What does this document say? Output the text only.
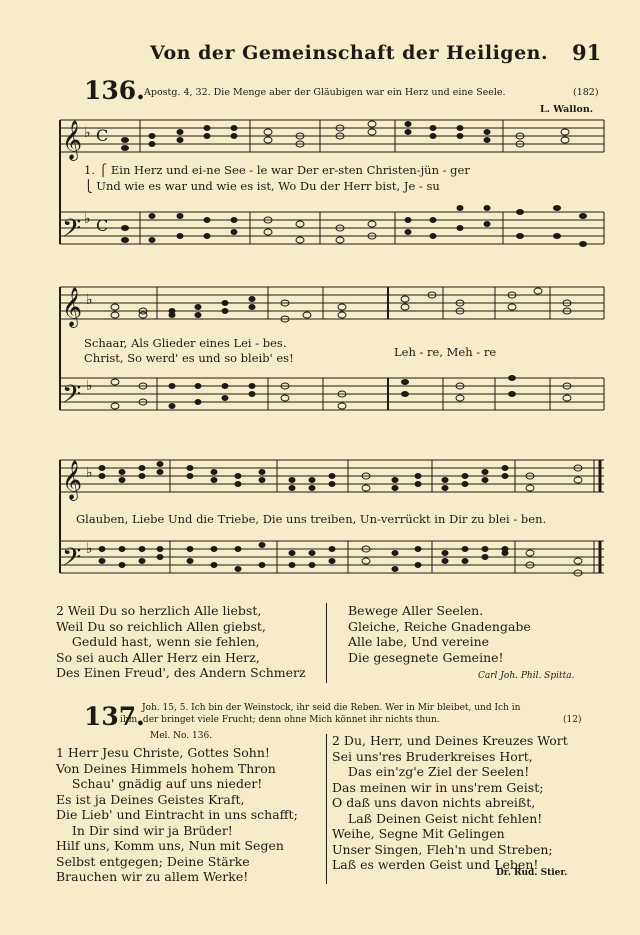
Von der Gemeinschaft der Heiligen. 91
136. Apostg. 4, 32. Die Menge aber der Gläubigen war ein Herz und eine Seele.	(182)
L. Wallon.
𝄞
𝄢
♭ C
♭ C
1. ⎧ Ein Herz und ei-ne Seе - le war Der er-sten Christen-jün - ger
⎩ Und wie es war und wie es ist, Wo Du der Herr bist, Je - su
𝄞
𝄢
♭
♭
Schaar, Als Glieder eines Lei - bes.
Christ, So werd' es und so bleib' es!	Leh - re, Meh - re
𝄞
𝄢
♭
♭
Glauben, Liebe Und die Triebe, Die uns treiben, Un-verrückt in Dir zu blei - ben.
2 Weil Du so herzlich Alle liebst,
Weil Du so reichlich Allen giebst,
Geduld hast, wenn sie fehlen,
So sei auch Aller Herz ein Herz,
Des Einen Freud', des Andern Schmerz
Bewege Aller Seelen.
Gleiche, Reiche Gnadengabe
Alle labe, Und vereine
Die gesegnete Gemeine!
Carl Joh. Phil. Spitta.
137.
Joh. 15, 5. Ich bin der Weinstock, ihr seid die Reben. Wer in Mir bleibet, und Ich in
ihm, der bringet viele Frucht; denn ohne Mich könnet ihr nichts thun.	(12)
Mel. No. 136.
1 Herr Jesu Christe, Gottes Sohn!
Von Deines Himmels hohem Thron
Schau' gnädig auf uns nieder!
Es ist ja Deines Geistes Kraft,
Die Lieb' und Eintracht in uns schafft;
In Dir sind wir ja Brüder!
Hilf uns, Komm uns, Nun mit Segen
Selbst entgegen; Deine Stärke
Brauchen wir zu allem Werke!
2 Du, Herr, und Deines Kreuzes Wort
Sei uns'res Bruderkreises Hort,
Das ein'zg'e Ziel der Seelen!
Das meinen wir in uns'rem Geist;
O daß uns davon nichts abreißt,
Laß Deinen Geist nicht fehlen!
Weihe, Segne Mit Gelingen
Unser Singen, Fleh'n und Streben;
Laß es werden Geist und Leben!
Dr. Rud. Stier.
